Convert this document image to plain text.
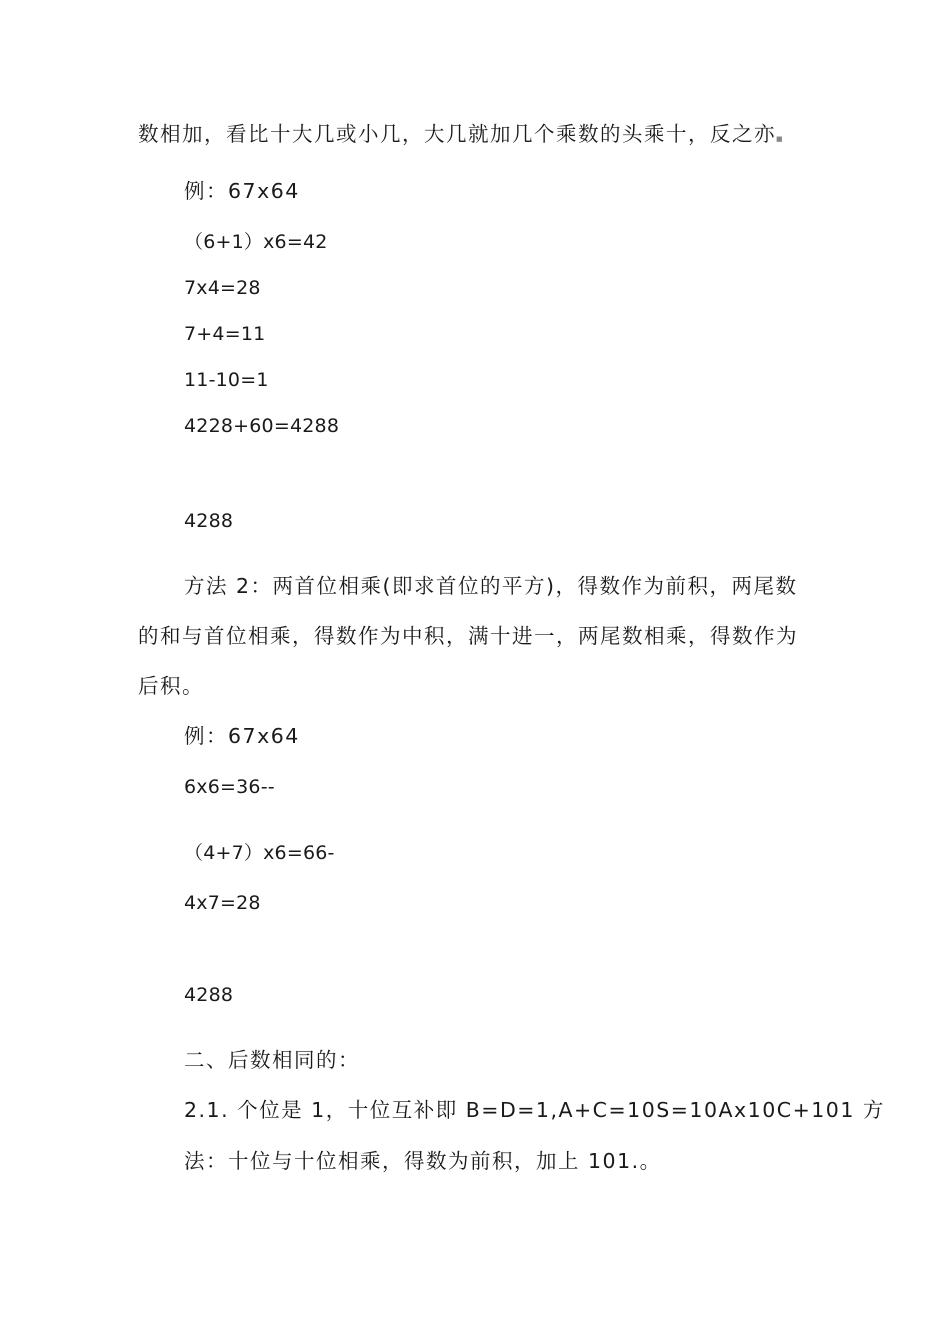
数相加，看比十大几或小几，大几就加几个乘数的头乘十，反之亦■
例：67x64
（6+1）x6=42
7x4=28
7+4=11
11-10=1
4228+60=4288
4288
方法 2：两首位相乘(即求首位的平方)，得数作为前积，两尾数
的和与首位相乘，得数作为中积，满十进一，两尾数相乘，得数作为
后积。
例：67x64
6x6=36--
（4+7）x6=66-
4x7=28
4288
二、后数相同的：
2.1. 个位是 1，十位互补即 B=D=1,A+C=10S=10Ax10C+101 方
法：十位与十位相乘，得数为前积，加上 101.。
